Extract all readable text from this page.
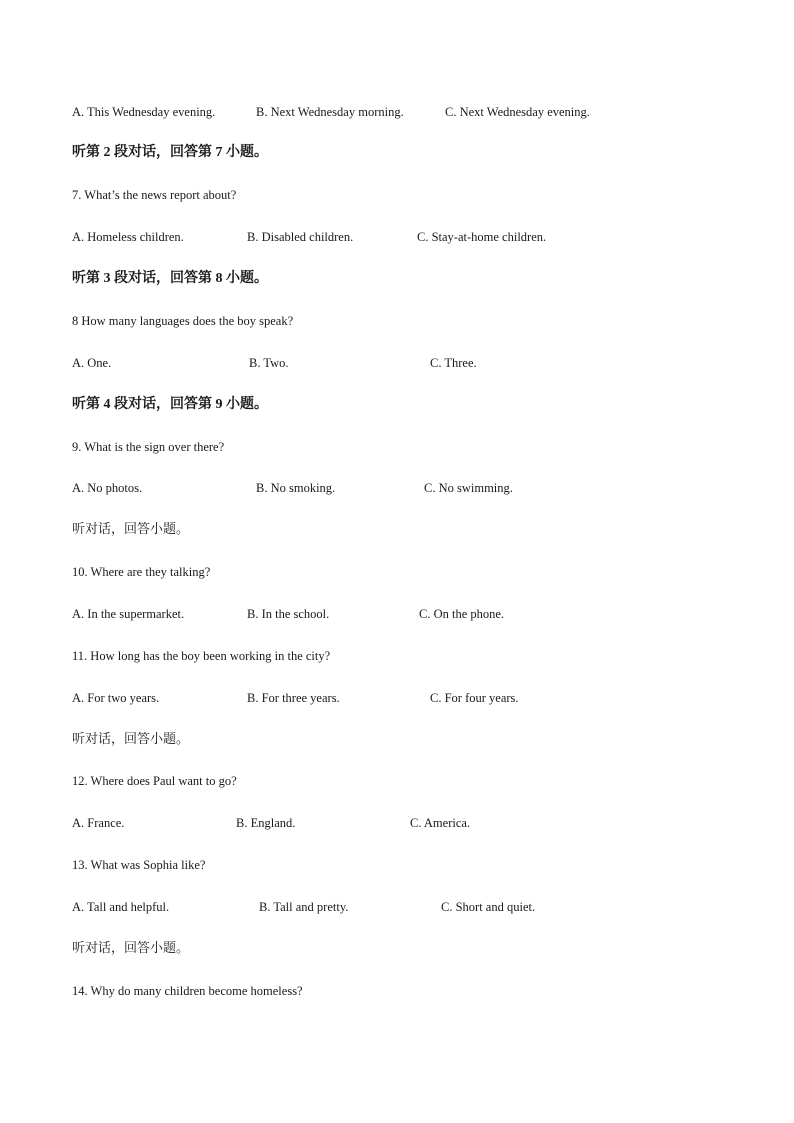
A. This Wednesday evening.	B. Next Wednesday morning.	C. Next Wednesday evening.
听第 2 段对话，回答第 7 小题。
7. What’s the news report about?
A. Homeless children.	B. Disabled children.	C. Stay-at-home children.
听第 3 段对话，回答第 8 小题。
8 How many languages does the boy speak?
A. One.	B. Two.	C. Three.
听第 4 段对话，回答第 9 小题。
9. What is the sign over there?
A. No photos.	B. No smoking.	C. No swimming.
听对话，回答小题。
10. Where are they talking?
A. In the supermarket.	B. In the school.	C. On the phone.
11. How long has the boy been working in the city?
A. For two years.	B. For three years.	C. For four years.
听对话，回答小题。
12. Where does Paul want to go?
A. France.	B. England.	C. America.
13. What was Sophia like?
A. Tall and helpful.	B. Tall and pretty.	C. Short and quiet.
听对话，回答小题。
14. Why do many children become homeless?
